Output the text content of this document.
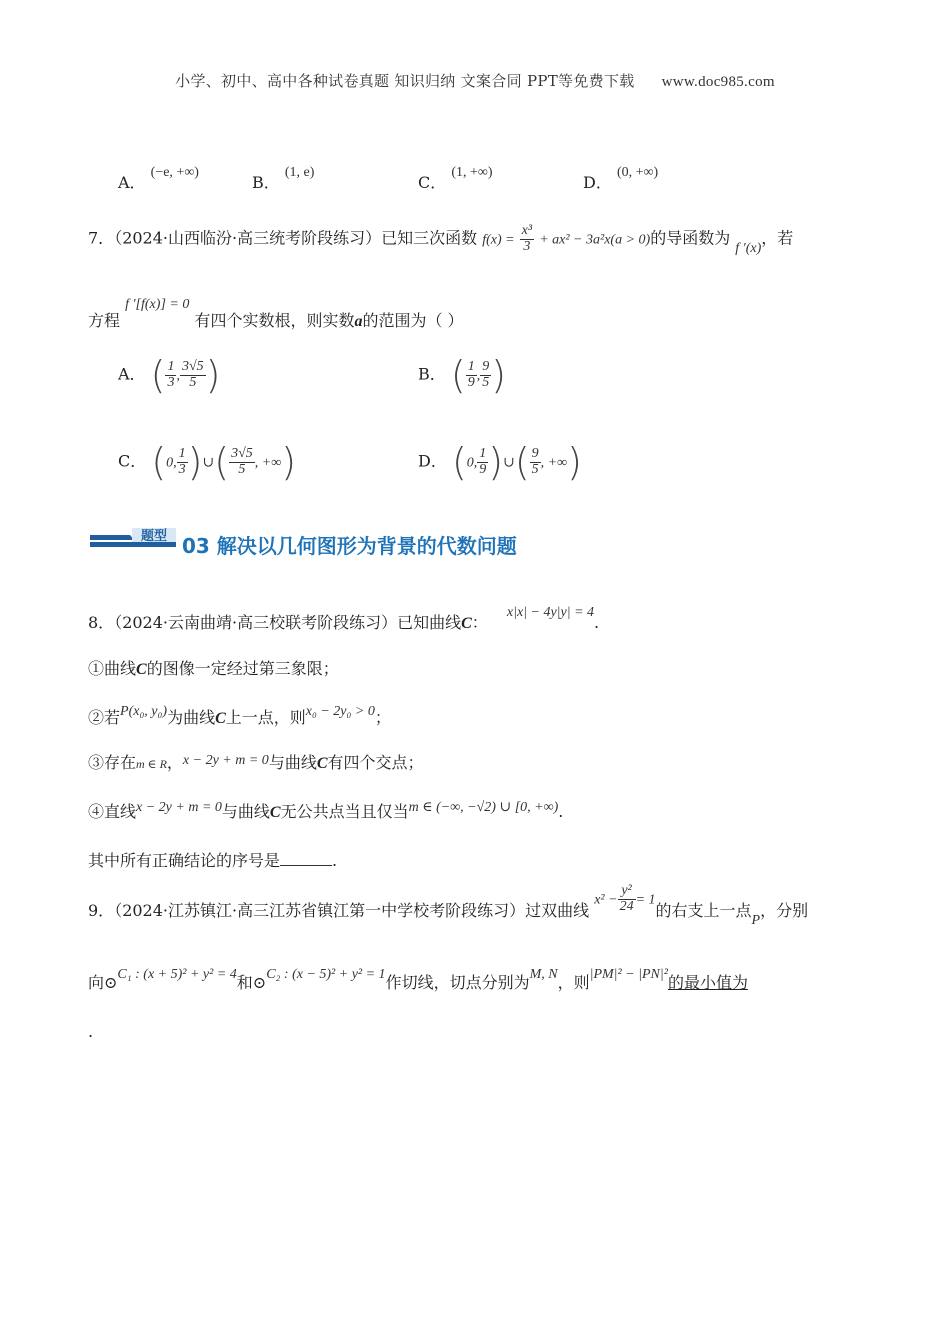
小学、初中、高中各种试卷真题 知识归纳 文案合同 PPT等免费下载 www.doc985.com
A． (−e, +∞)
B． (1, e)
C． (1, +∞)
D． (0, +∞)
7．（2024·山西临汾·高三统考阶段练习）已知三次函数 $f(x) = \frac{\text{x³}}{3} + ax^2 - 3a^2x(a > 0)$的导函数为 f ′(x)，若
方程 f ′[f(x)] = 0 有四个实数根，则实数a的范围为（ ）
A． ( $\frac{1}{3}$ , $\frac{3√5}{5}$ )	B． ( $\frac{1}{9}$ , $\frac{9}{5}$ )
C． (0, $\frac{1}{3}$ )∪( $\frac{3√5}{5}$ , +∞)	D． (0, $\frac{1}{9}$ )∪( $\frac{9}{5}$ , +∞)
题型 03 解决以几何图形为背景的代数问题
8．（2024·云南曲靖·高三校联考阶段练习）已知曲线C： x|x| − 4y|y| = 4.
①曲线C的图像一定经过第三象限；
②若P(x₀, y₀)为曲线C上一点，则x₀ − 2y₀ > 0；
③存在m ∈ R，x − 2y + m = 0与曲线C有四个交点；
④直线x − 2y + m = 0与曲线C无公共点当且仅当m ∈ (−∞, −√2) ∪ [0, +∞).
其中所有正确结论的序号是	.
9．（2024·江苏镇江·高三江苏省镇江第一中学校考阶段练习）过双曲线 $x^2 - \frac{\text{y²}}{24} = 1$的右支上一点P，分别
向⊙C₁ : (x + 5)² + y² = 4和⊙C₂ : (x − 5)² + y² = 1作切线，切点分别为M, N，则|PM|² − |PN|²的最小值为
.
